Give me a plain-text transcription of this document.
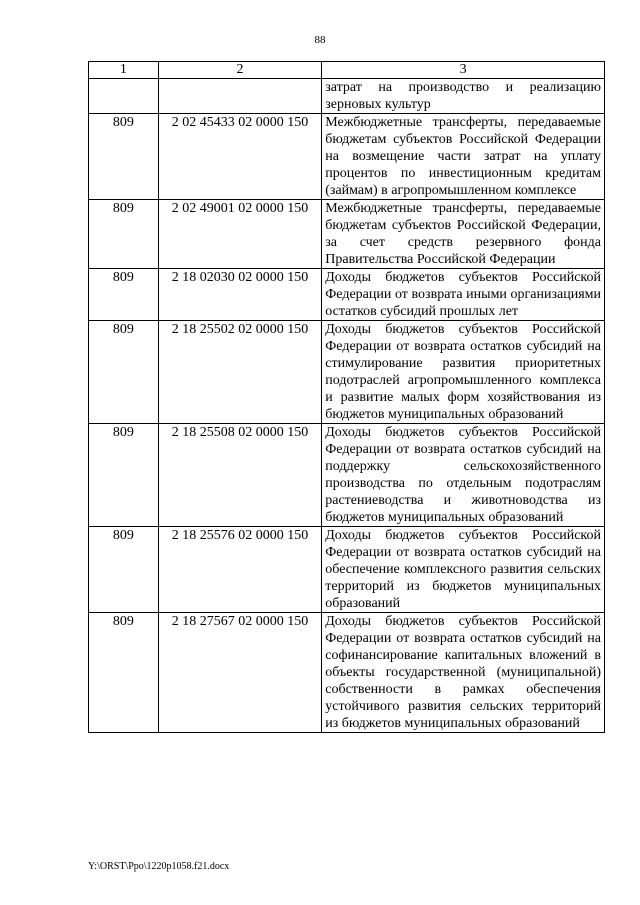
88
1	2	3
		затрат на производство и реализацию зерновых культур
809	2 02 45433 02 0000 150	Межбюджетные трансферты, передаваемые бюджетам субъектов Российской Федерации на возмещение части затрат на уплату процентов по инвестиционным кредитам (займам) в агропромышленном комплексе
809	2 02 49001 02 0000 150	Межбюджетные трансферты, передаваемые бюджетам субъектов Российской Федерации, за счет средств резервного фонда Правительства Российской Федерации
809	2 18 02030 02 0000 150	Доходы бюджетов субъектов Российской Федерации от возврата иными организациями остатков субсидий прошлых лет
809	2 18 25502 02 0000 150	Доходы бюджетов субъектов Российской Федерации от возврата остатков субсидий на стимулирование развития приоритетных подотраслей агропромышленного комплекса и развитие малых форм хозяйствования из бюджетов муниципальных образований
809	2 18 25508 02 0000 150	Доходы бюджетов субъектов Российской Федерации от возврата остатков субсидий на поддержку сельскохозяйственного производства по отдельным подотраслям растениеводства и животноводства из бюджетов муниципальных образований
809	2 18 25576 02 0000 150	Доходы бюджетов субъектов Российской Федерации от возврата остатков субсидий на обеспечение комплексного развития сельских территорий из бюджетов муниципальных образований
809	2 18 27567 02 0000 150	Доходы бюджетов субъектов Российской Федерации от возврата остатков субсидий на софинансирование капитальных вложений в объекты государственной (муниципальной) собственности в рамках обеспечения устойчивого развития сельских территорий из бюджетов муниципальных образований
Y:\ORST\Ppo\1220p1058.f21.docx
